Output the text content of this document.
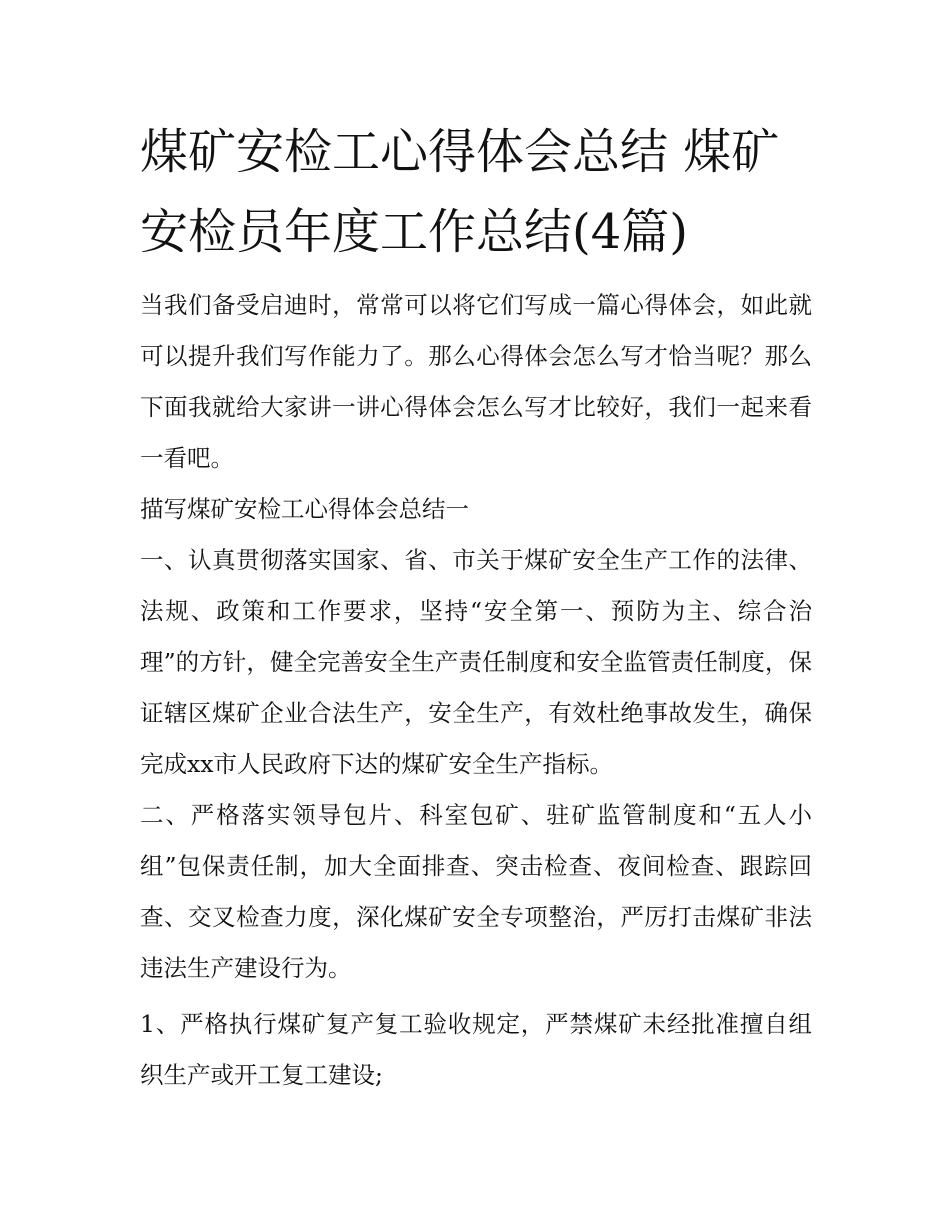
煤矿安检工心得体会总结 煤矿安检员年度工作总结(4篇)

当我们备受启迪时，常常可以将它们写成一篇心得体会，如此就可以提升我们写作能力了。那么心得体会怎么写才恰当呢？那么下面我就给大家讲一讲心得体会怎么写才比较好，我们一起来看一看吧。

描写煤矿安检工心得体会总结一

一、认真贯彻落实国家、省、市关于煤矿安全生产工作的法律、法规、政策和工作要求，坚持“安全第一、预防为主、综合治理”的方针，健全完善安全生产责任制度和安全监管责任制度，保证辖区煤矿企业合法生产，安全生产，有效杜绝事故发生，确保完成xx市人民政府下达的煤矿安全生产指标。

二、严格落实领导包片、科室包矿、驻矿监管制度和“五人小组”包保责任制，加大全面排查、突击检查、夜间检查、跟踪回查、交叉检查力度，深化煤矿安全专项整治，严厉打击煤矿非法违法生产建设行为。

1、严格执行煤矿复产复工验收规定，严禁煤矿未经批准擅自组织生产或开工复工建设;
